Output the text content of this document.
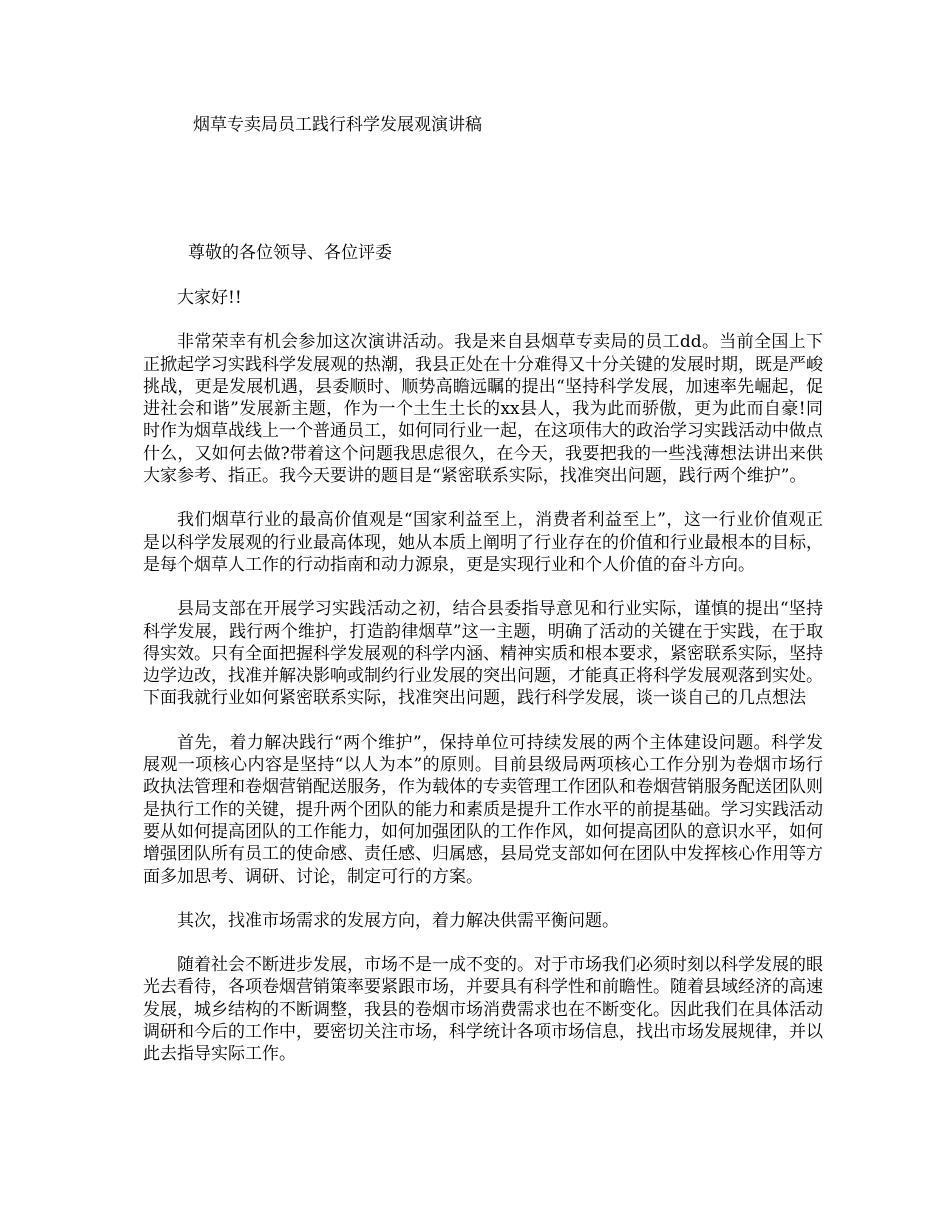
烟草专卖局员工践行科学发展观演讲稿

尊敬的各位领导、各位评委

大家好!!

非常荣幸有机会参加这次演讲活动。我是来自县烟草专卖局的员工dd。当前全国上下正掀起学习实践科学发展观的热潮，我县正处在十分难得又十分关键的发展时期，既是严峻挑战，更是发展机遇，县委顺时、顺势高瞻远瞩的提出“坚持科学发展，加速率先崛起，促进社会和谐”发展新主题，作为一个土生土长的xx县人，我为此而骄傲，更为此而自豪!同时作为烟草战线上一个普通员工，如何同行业一起，在这项伟大的政治学习实践活动中做点什么，又如何去做?带着这个问题我思虑很久，在今天，我要把我的一些浅薄想法讲出来供大家参考、指正。我今天要讲的题目是“紧密联系实际，找准突出问题，践行两个维护”。

我们烟草行业的最高价值观是“国家利益至上，消费者利益至上”，这一行业价值观正是以科学发展观的行业最高体现，她从本质上阐明了行业存在的价值和行业最根本的目标，是每个烟草人工作的行动指南和动力源泉，更是实现行业和个人价值的奋斗方向。

县局支部在开展学习实践活动之初，结合县委指导意见和行业实际，谨慎的提出“坚持科学发展，践行两个维护，打造韵律烟草”这一主题，明确了活动的关键在于实践，在于取得实效。只有全面把握科学发展观的科学内涵、精神实质和根本要求，紧密联系实际，坚持边学边改，找准并解决影响或制约行业发展的突出问题，才能真正将科学发展观落到实处。下面我就行业如何紧密联系实际，找准突出问题，践行科学发展，谈一谈自己的几点想法

首先，着力解决践行“两个维护”，保持单位可持续发展的两个主体建设问题。科学发展观一项核心内容是坚持“以人为本”的原则。目前县级局两项核心工作分别为卷烟市场行政执法管理和卷烟营销配送服务，作为载体的专卖管理工作团队和卷烟营销服务配送团队则是执行工作的关键，提升两个团队的能力和素质是提升工作水平的前提基础。学习实践活动要从如何提高团队的工作能力，如何加强团队的工作作风，如何提高团队的意识水平，如何增强团队所有员工的使命感、责任感、归属感，县局党支部如何在团队中发挥核心作用等方面多加思考、调研、讨论，制定可行的方案。

其次，找准市场需求的发展方向，着力解决供需平衡问题。

随着社会不断进步发展，市场不是一成不变的。对于市场我们必须时刻以科学发展的眼光去看待，各项卷烟营销策率要紧跟市场，并要具有科学性和前瞻性。随着县域经济的高速发展，城乡结构的不断调整，我县的卷烟市场消费需求也在不断变化。因此我们在具体活动调研和今后的工作中，要密切关注市场，科学统计各项市场信息，找出市场发展规律，并以此去指导实际工作。
